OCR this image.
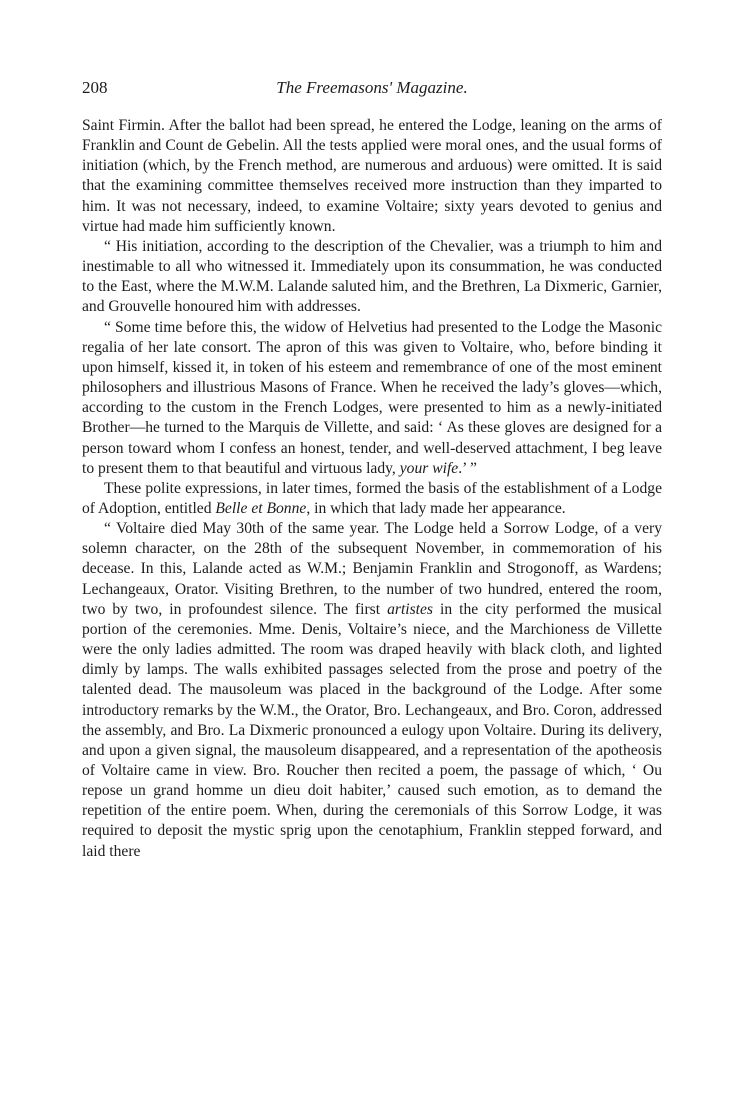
208	The Freemasons' Magazine.

Saint Firmin. After the ballot had been spread, he entered the Lodge, leaning on the arms of Franklin and Count de Gebelin. All the tests applied were moral ones, and the usual forms of initiation (which, by the French method, are numerous and arduous) were omitted. It is said that the examining committee themselves received more instruction than they imparted to him. It was not necessary, indeed, to examine Voltaire; sixty years devoted to genius and virtue had made him sufficiently known.

“ His initiation, according to the description of the Chevalier, was a triumph to him and inestimable to all who witnessed it. Immediately upon its consummation, he was conducted to the East, where the M.W.M. Lalande saluted him, and the Brethren, La Dixmeric, Garnier, and Grouvelle honoured him with addresses.

“ Some time before this, the widow of Helvetius had presented to the Lodge the Masonic regalia of her late consort. The apron of this was given to Voltaire, who, before binding it upon himself, kissed it, in token of his esteem and remembrance of one of the most eminent philosophers and illustrious Masons of France. When he received the lady’s gloves—which, according to the custom in the French Lodges, were presented to him as a newly-initiated Brother—he turned to the Marquis de Villette, and said: ‘ As these gloves are designed for a person toward whom I confess an honest, tender, and well-deserved attachment, I beg leave to present them to that beautiful and virtuous lady, your wife.’ ”

These polite expressions, in later times, formed the basis of the establishment of a Lodge of Adoption, entitled Belle et Bonne, in which that lady made her appearance.

“ Voltaire died May 30th of the same year. The Lodge held a Sorrow Lodge, of a very solemn character, on the 28th of the subsequent November, in commemoration of his decease. In this, Lalande acted as W.M.; Benjamin Franklin and Strogonoff, as Wardens; Lechangeaux, Orator. Visiting Brethren, to the number of two hundred, entered the room, two by two, in profoundest silence. The first artistes in the city performed the musical portion of the ceremonies. Mme. Denis, Voltaire’s niece, and the Marchioness de Villette were the only ladies admitted. The room was draped heavily with black cloth, and lighted dimly by lamps. The walls exhibited passages selected from the prose and poetry of the talented dead. The mausoleum was placed in the background of the Lodge. After some introductory remarks by the W.M., the Orator, Bro. Lechangeaux, and Bro. Coron, addressed the assembly, and Bro. La Dixmeric pronounced a eulogy upon Voltaire. During its delivery, and upon a given signal, the mausoleum disappeared, and a representation of the apotheosis of Voltaire came in view. Bro. Roucher then recited a poem, the passage of which, ‘ Ou repose un grand homme un dieu doit habiter,’ caused such emotion, as to demand the repetition of the entire poem. When, during the ceremonials of this Sorrow Lodge, it was required to deposit the mystic sprig upon the cenotaphium, Franklin stepped forward, and laid there
